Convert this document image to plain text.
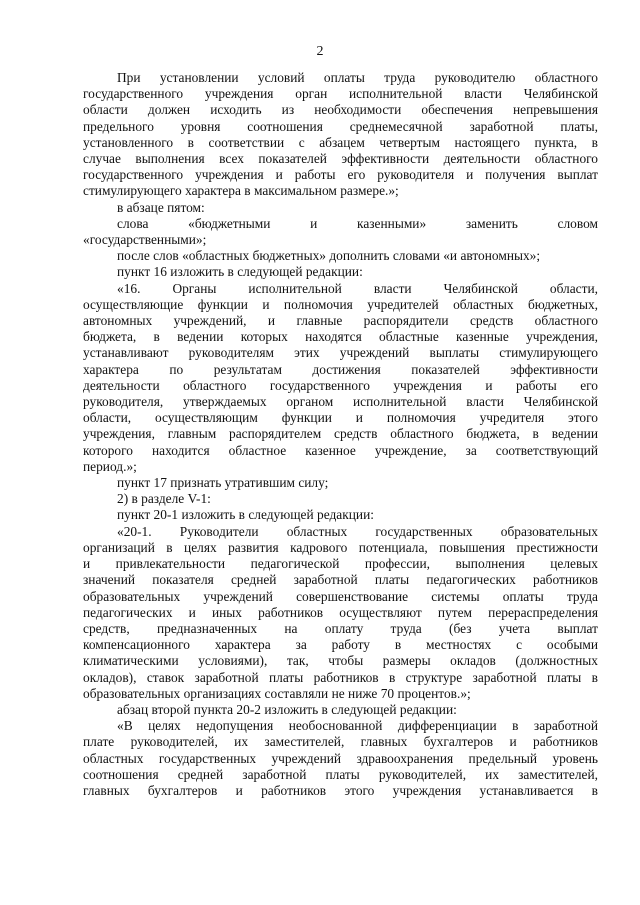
2
При установлении условий оплаты труда руководителю областного
государственного учреждения орган исполнительной власти Челябинской
области должен исходить из необходимости обеспечения непревышения
предельного уровня соотношения среднемесячной заработной платы,
установленного в соответствии с абзацем четвертым настоящего пункта, в
случае выполнения всех показателей эффективности деятельности областного
государственного учреждения и работы его руководителя и получения выплат
стимулирующего характера в максимальном размере.»;
в абзаце пятом:
слова «бюджетными и казенными» заменить словом
«государственными»;
после слов «областных бюджетных» дополнить словами «и автономных»;
пункт 16 изложить в следующей редакции:
«16. Органы исполнительной власти Челябинской области,
осуществляющие функции и полномочия учредителей областных бюджетных,
автономных учреждений, и главные распорядители средств областного
бюджета, в ведении которых находятся областные казенные учреждения,
устанавливают руководителям этих учреждений выплаты стимулирующего
характера по результатам достижения показателей эффективности
деятельности областного государственного учреждения и работы его
руководителя, утверждаемых органом исполнительной власти Челябинской
области, осуществляющим функции и полномочия учредителя этого
учреждения, главным распорядителем средств областного бюджета, в ведении
которого находится областное казенное учреждение, за соответствующий
период.»;
пункт 17 признать утратившим силу;
2) в разделе V-1:
пункт 20-1 изложить в следующей редакции:
«20-1. Руководители областных государственных образовательных
организаций в целях развития кадрового потенциала, повышения престижности
и привлекательности педагогической профессии, выполнения целевых
значений показателя средней заработной платы педагогических работников
образовательных учреждений совершенствование системы оплаты труда
педагогических и иных работников осуществляют путем перераспределения
средств, предназначенных на оплату труда (без учета выплат
компенсационного характера за работу в местностях с особыми
климатическими условиями), так, чтобы размеры окладов (должностных
окладов), ставок заработной платы работников в структуре заработной платы в
образовательных организациях составляли не ниже 70 процентов.»;
абзац второй пункта 20-2 изложить в следующей редакции:
«В целях недопущения необоснованной дифференциации в заработной
плате руководителей, их заместителей, главных бухгалтеров и работников
областных государственных учреждений здравоохранения предельный уровень
соотношения средней заработной платы руководителей, их заместителей,
главных бухгалтеров и работников этого учреждения устанавливается в
